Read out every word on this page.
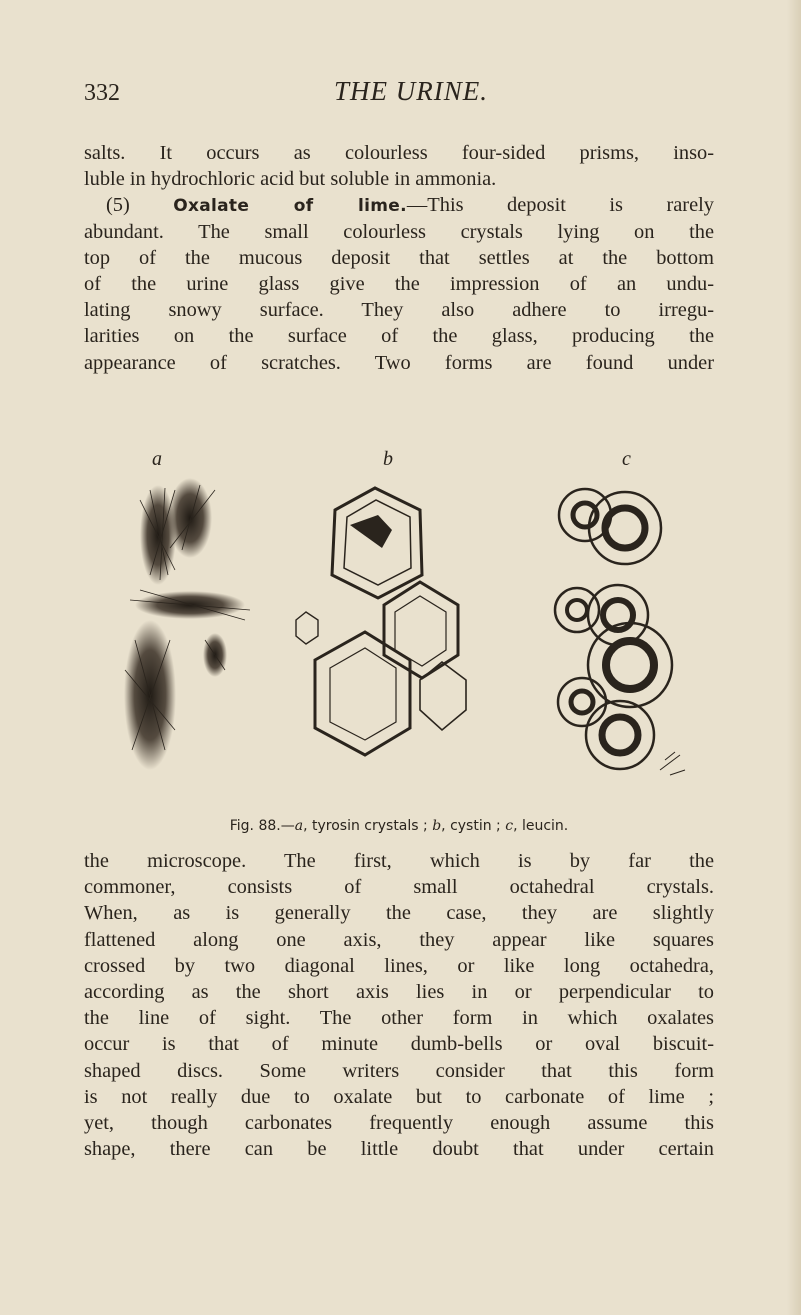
332	THE URINE.
salts. It occurs as colourless four-sided prisms, inso-
luble in hydrochloric acid but soluble in ammonia.
(5)	Oxalate of lime.—This deposit is rarely
abundant. The small colourless crystals lying on the
top of the mucous deposit that settles at the bottom
of the urine glass give the impression of an undu-
lating snowy surface. They also adhere to irregu-
larities on the surface of the glass, producing the
appearance of scratches. Two forms are found under
a	b	c

Fig. 88.—a, tyrosin crystals ; b, cystin ; c, leucin.

the microscope. The first, which is by far the
commoner, consists of small octahedral crystals.
When, as is generally the case, they are slightly
flattened along one axis, they appear like squares
crossed by two diagonal lines, or like long octahedra,
according as the short axis lies in or perpendicular to
the line of sight. The other form in which oxalates
occur is that of minute dumb-bells or oval biscuit-
shaped discs. Some writers consider that this form
is not really due to oxalate but to carbonate of lime ;
yet, though carbonates frequently enough assume this
shape, there can be little doubt that under certain
